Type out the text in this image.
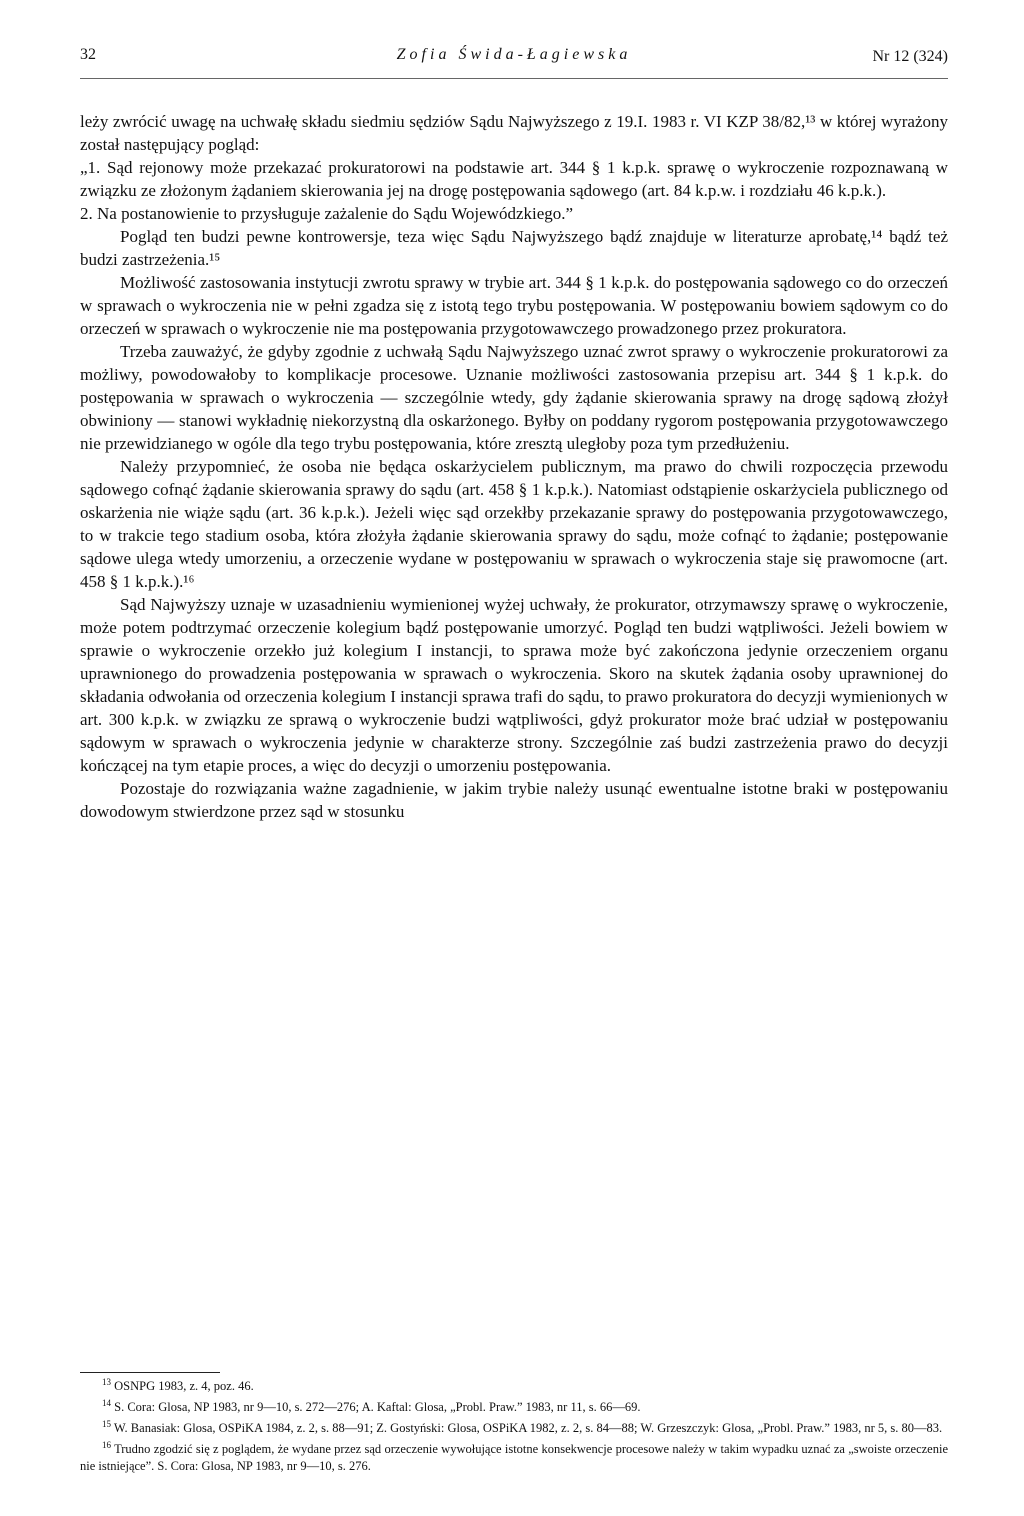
32	Zofia Świda-Łagiewska	Nr 12 (324)

leży zwrócić uwagę na uchwałę składu siedmiu sędziów Sądu Najwyższego z 19.I. 1983 r. VI KZP 38/82,¹³ w której wyrażony został następujący pogląd:

„1. Sąd rejonowy może przekazać prokuratorowi na podstawie art. 344 § 1 k.p.k. sprawę o wykroczenie rozpoznawaną w związku ze złożonym żądaniem skierowania jej na drogę postępowania sądowego (art. 84 k.p.w. i rozdziału 46 k.p.k.).

2. Na postanowienie to przysługuje zażalenie do Sądu Wojewódzkiego.”

Pogląd ten budzi pewne kontrowersje, teza więc Sądu Najwyższego bądź znajduje w literaturze aprobatę,¹⁴ bądź też budzi zastrzeżenia.¹⁵

Możliwość zastosowania instytucji zwrotu sprawy w trybie art. 344 § 1 k.p.k. do postępowania sądowego co do orzeczeń w sprawach o wykroczenia nie w pełni zgadza się z istotą tego trybu postępowania. W postępowaniu bowiem sądowym co do orzeczeń w sprawach o wykroczenie nie ma postępowania przygotowawczego prowadzonego przez prokuratora.

Trzeba zauważyć, że gdyby zgodnie z uchwałą Sądu Najwyższego uznać zwrot sprawy o wykroczenie prokuratorowi za możliwy, powodowałoby to komplikacje procesowe. Uznanie możliwości zastosowania przepisu art. 344 § 1 k.p.k. do postępowania w sprawach o wykroczenia — szczególnie wtedy, gdy żądanie skierowania sprawy na drogę sądową złożył obwiniony — stanowi wykładnię niekorzystną dla oskarżonego. Byłby on poddany rygorom postępowania przygotowawczego nie przewidzianego w ogóle dla tego trybu postępowania, które zresztą uległoby poza tym przedłużeniu.

Należy przypomnieć, że osoba nie będąca oskarżycielem publicznym, ma prawo do chwili rozpoczęcia przewodu sądowego cofnąć żądanie skierowania sprawy do sądu (art. 458 § 1 k.p.k.). Natomiast odstąpienie oskarżyciela publicznego od oskarżenia nie wiąże sądu (art. 36 k.p.k.). Jeżeli więc sąd orzekłby przekazanie sprawy do postępowania przygotowawczego, to w trakcie tego stadium osoba, która złożyła żądanie skierowania sprawy do sądu, może cofnąć to żądanie; postępowanie sądowe ulega wtedy umorzeniu, a orzeczenie wydane w postępowaniu w sprawach o wykroczenia staje się prawomocne (art. 458 § 1 k.p.k.).¹⁶

Sąd Najwyższy uznaje w uzasadnieniu wymienionej wyżej uchwały, że prokurator, otrzymawszy sprawę o wykroczenie, może potem podtrzymać orzeczenie kolegium bądź postępowanie umorzyć. Pogląd ten budzi wątpliwości. Jeżeli bowiem w sprawie o wykroczenie orzekło już kolegium I instancji, to sprawa może być zakończona jedynie orzeczeniem organu uprawnionego do prowadzenia postępowania w sprawach o wykroczenia. Skoro na skutek żądania osoby uprawnionej do składania odwołania od orzeczenia kolegium I instancji sprawa trafi do sądu, to prawo prokuratora do decyzji wymienionych w art. 300 k.p.k. w związku ze sprawą o wykroczenie budzi wątpliwości, gdyż prokurator może brać udział w postępowaniu sądowym w sprawach o wykroczenia jedynie w charakterze strony. Szczególnie zaś budzi zastrzeżenia prawo do decyzji kończącej na tym etapie proces, a więc do decyzji o umorzeniu postępowania.

Pozostaje do rozwiązania ważne zagadnienie, w jakim trybie należy usunąć ewentualne istotne braki w postępowaniu dowodowym stwierdzone przez sąd w stosunku

$^{13}$ OSNPG 1983, z. 4, poz. 46.

$^{14}$ S. Cora: Glosa, NP 1983, nr 9—10, s. 272—276; A. Kaftal: Glosa, „Probl. Praw.” 1983, nr 11, s. 66—69.

$^{15}$ W. Banasiak: Glosa, OSPiKA 1984, z. 2, s. 88—91; Z. Gostyński: Glosa, OSPiKA 1982, z. 2, s. 84—88; W. Grzeszczyk: Glosa, „Probl. Praw.” 1983, nr 5, s. 80—83.

$^{16}$ Trudno zgodzić się z poglądem, że wydane przez sąd orzeczenie wywołujące istotne konsekwencje procesowe należy w takim wypadku uznać za „swoiste orzeczenie nie istniejące”. S. Cora: Glosa, NP 1983, nr 9—10, s. 276.
